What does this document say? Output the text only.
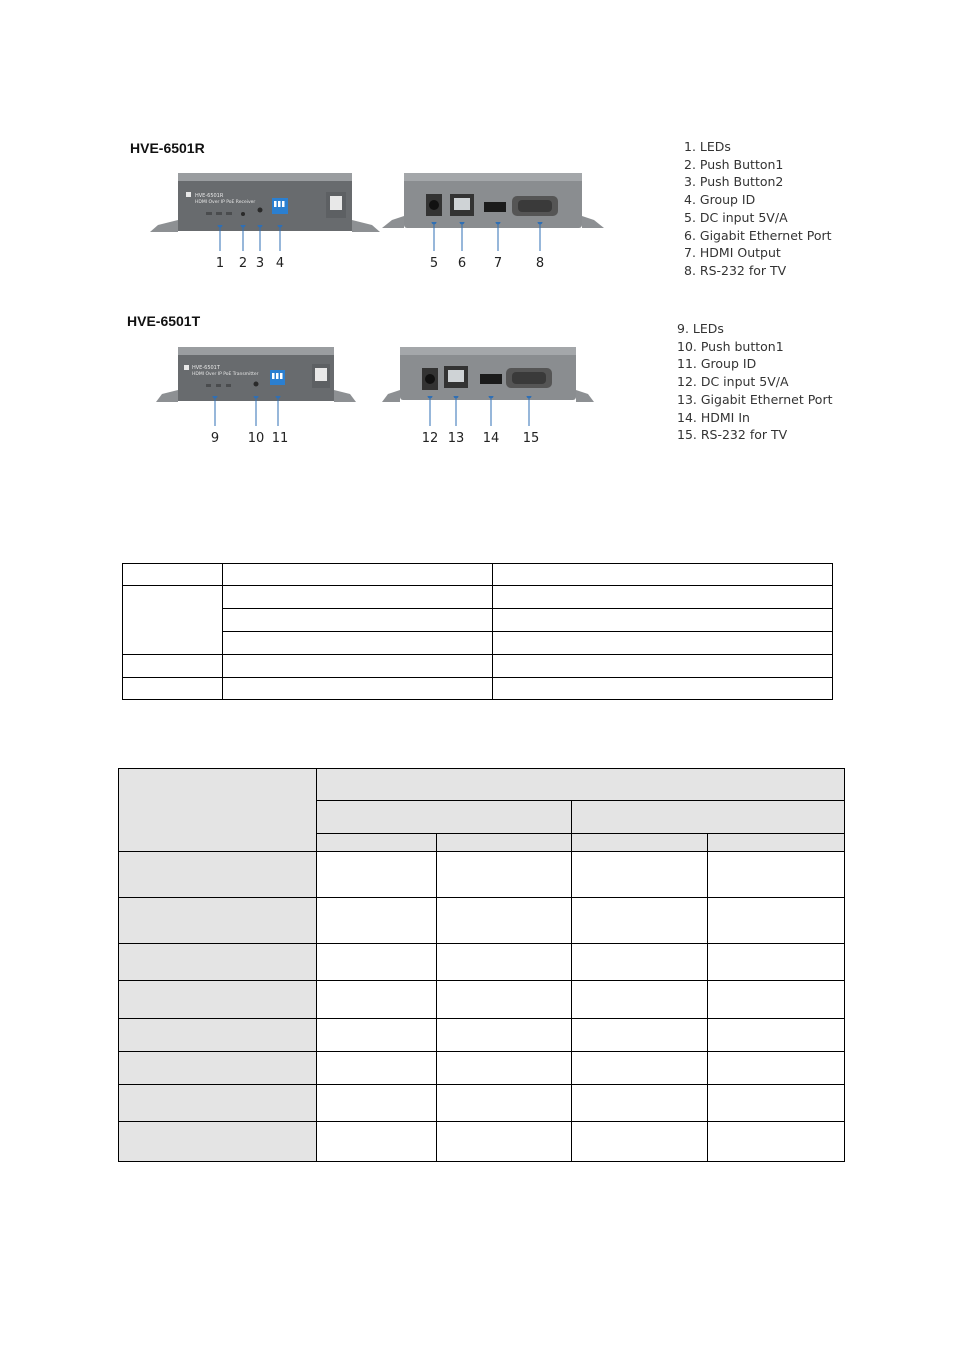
HVE-6501R
HVE-6501R
HDMI Over IP PoE Receiver
1 2 3 4	5 6 7	8
1. LEDs
2. Push Button1
3. Push Button2
4. Group ID
5. DC input 5V/A
6. Gigabit Ethernet Port
7. HDMI Output
8. RS-232 for TV
HVE-6501T
HVE-6501T
HDMI Over IP PoE Transmitter
9 10 11	12 13 14 15
9. LEDs
10. Push button1
11. Group ID
12. DC input 5V/A
13. Gigabit Ethernet Port
14. HDMI In
15. RS-232 for TV
